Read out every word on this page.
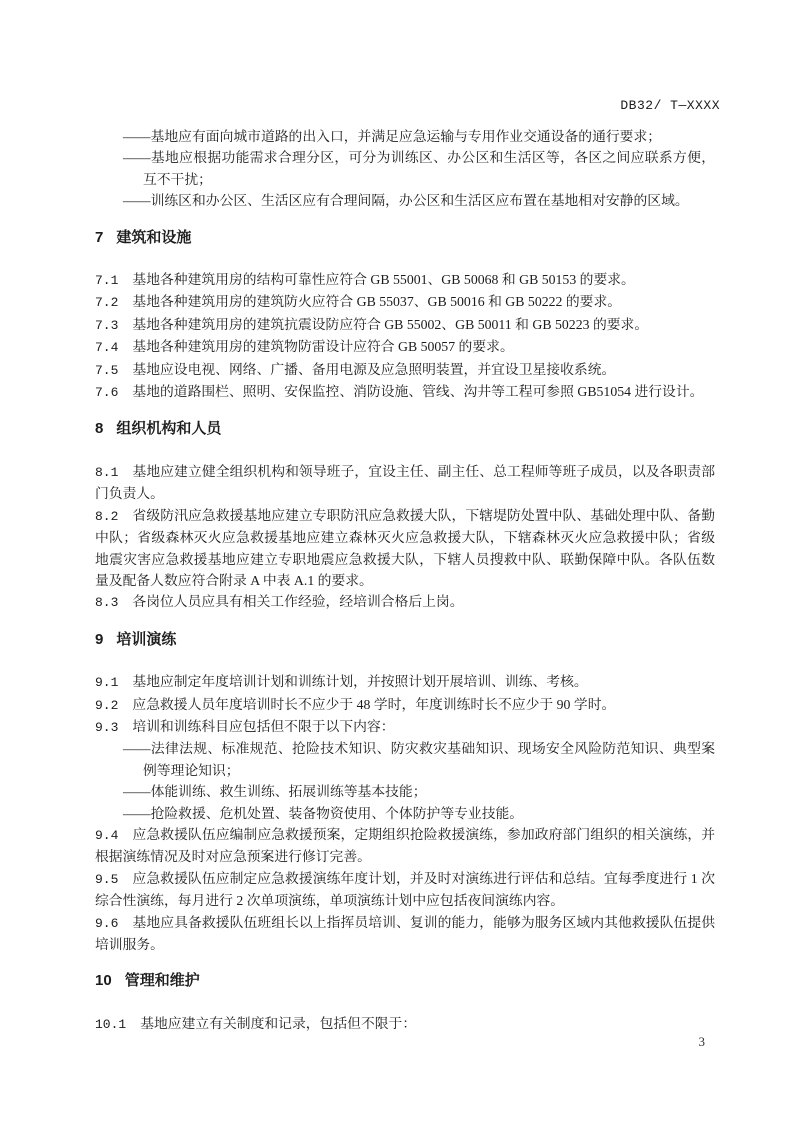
DB32/ T—XXXX

——基地应有面向城市道路的出入口，并满足应急运输与专用作业交通设备的通行要求；

——基地应根据功能需求合理分区，可分为训练区、办公区和生活区等，各区之间应联系方便，互不干扰；

——训练区和办公区、生活区应有合理间隔，办公区和生活区应布置在基地相对安静的区域。

7 建筑和设施

7.1 基地各种建筑用房的结构可靠性应符合 GB 55001、GB 50068 和 GB 50153 的要求。

7.2 基地各种建筑用房的建筑防火应符合 GB 55037、GB 50016 和 GB 50222 的要求。

7.3 基地各种建筑用房的建筑抗震设防应符合 GB 55002、GB 50011 和 GB 50223 的要求。

7.4 基地各种建筑用房的建筑物防雷设计应符合 GB 50057 的要求。

7.5 基地应设电视、网络、广播、备用电源及应急照明装置，并宜设卫星接收系统。

7.6 基地的道路围栏、照明、安保监控、消防设施、管线、沟井等工程可参照 GB51054 进行设计。

8 组织机构和人员

8.1 基地应建立健全组织机构和领导班子，宜设主任、副主任、总工程师等班子成员，以及各职责部门负责人。

8.2 省级防汛应急救援基地应建立专职防汛应急救援大队，下辖堤防处置中队、基础处理中队、备勤中队；省级森林灭火应急救援基地应建立森林灭火应急救援大队，下辖森林灭火应急救援中队；省级地震灾害应急救援基地应建立专职地震应急救援大队，下辖人员搜救中队、联勤保障中队。各队伍数量及配备人数应符合附录 A 中表 A.1 的要求。

8.3 各岗位人员应具有相关工作经验，经培训合格后上岗。

9 培训演练

9.1 基地应制定年度培训计划和训练计划，并按照计划开展培训、训练、考核。

9.2 应急救援人员年度培训时长不应少于 48 学时，年度训练时长不应少于 90 学时。

9.3 培训和训练科目应包括但不限于以下内容：

——法律法规、标准规范、抢险技术知识、防灾救灾基础知识、现场安全风险防范知识、典型案例等理论知识；

——体能训练、救生训练、拓展训练等基本技能；

——抢险救援、危机处置、装备物资使用、个体防护等专业技能。

9.4 应急救援队伍应编制应急救援预案，定期组织抢险救援演练，参加政府部门组织的相关演练，并根据演练情况及时对应急预案进行修订完善。

9.5 应急救援队伍应制定应急救援演练年度计划，并及时对演练进行评估和总结。宜每季度进行 1 次综合性演练，每月进行 2 次单项演练，单项演练计划中应包括夜间演练内容。

9.6 基地应具备救援队伍班组长以上指挥员培训、复训的能力，能够为服务区域内其他救援队伍提供培训服务。

10 管理和维护

10.1 基地应建立有关制度和记录，包括但不限于：

3
